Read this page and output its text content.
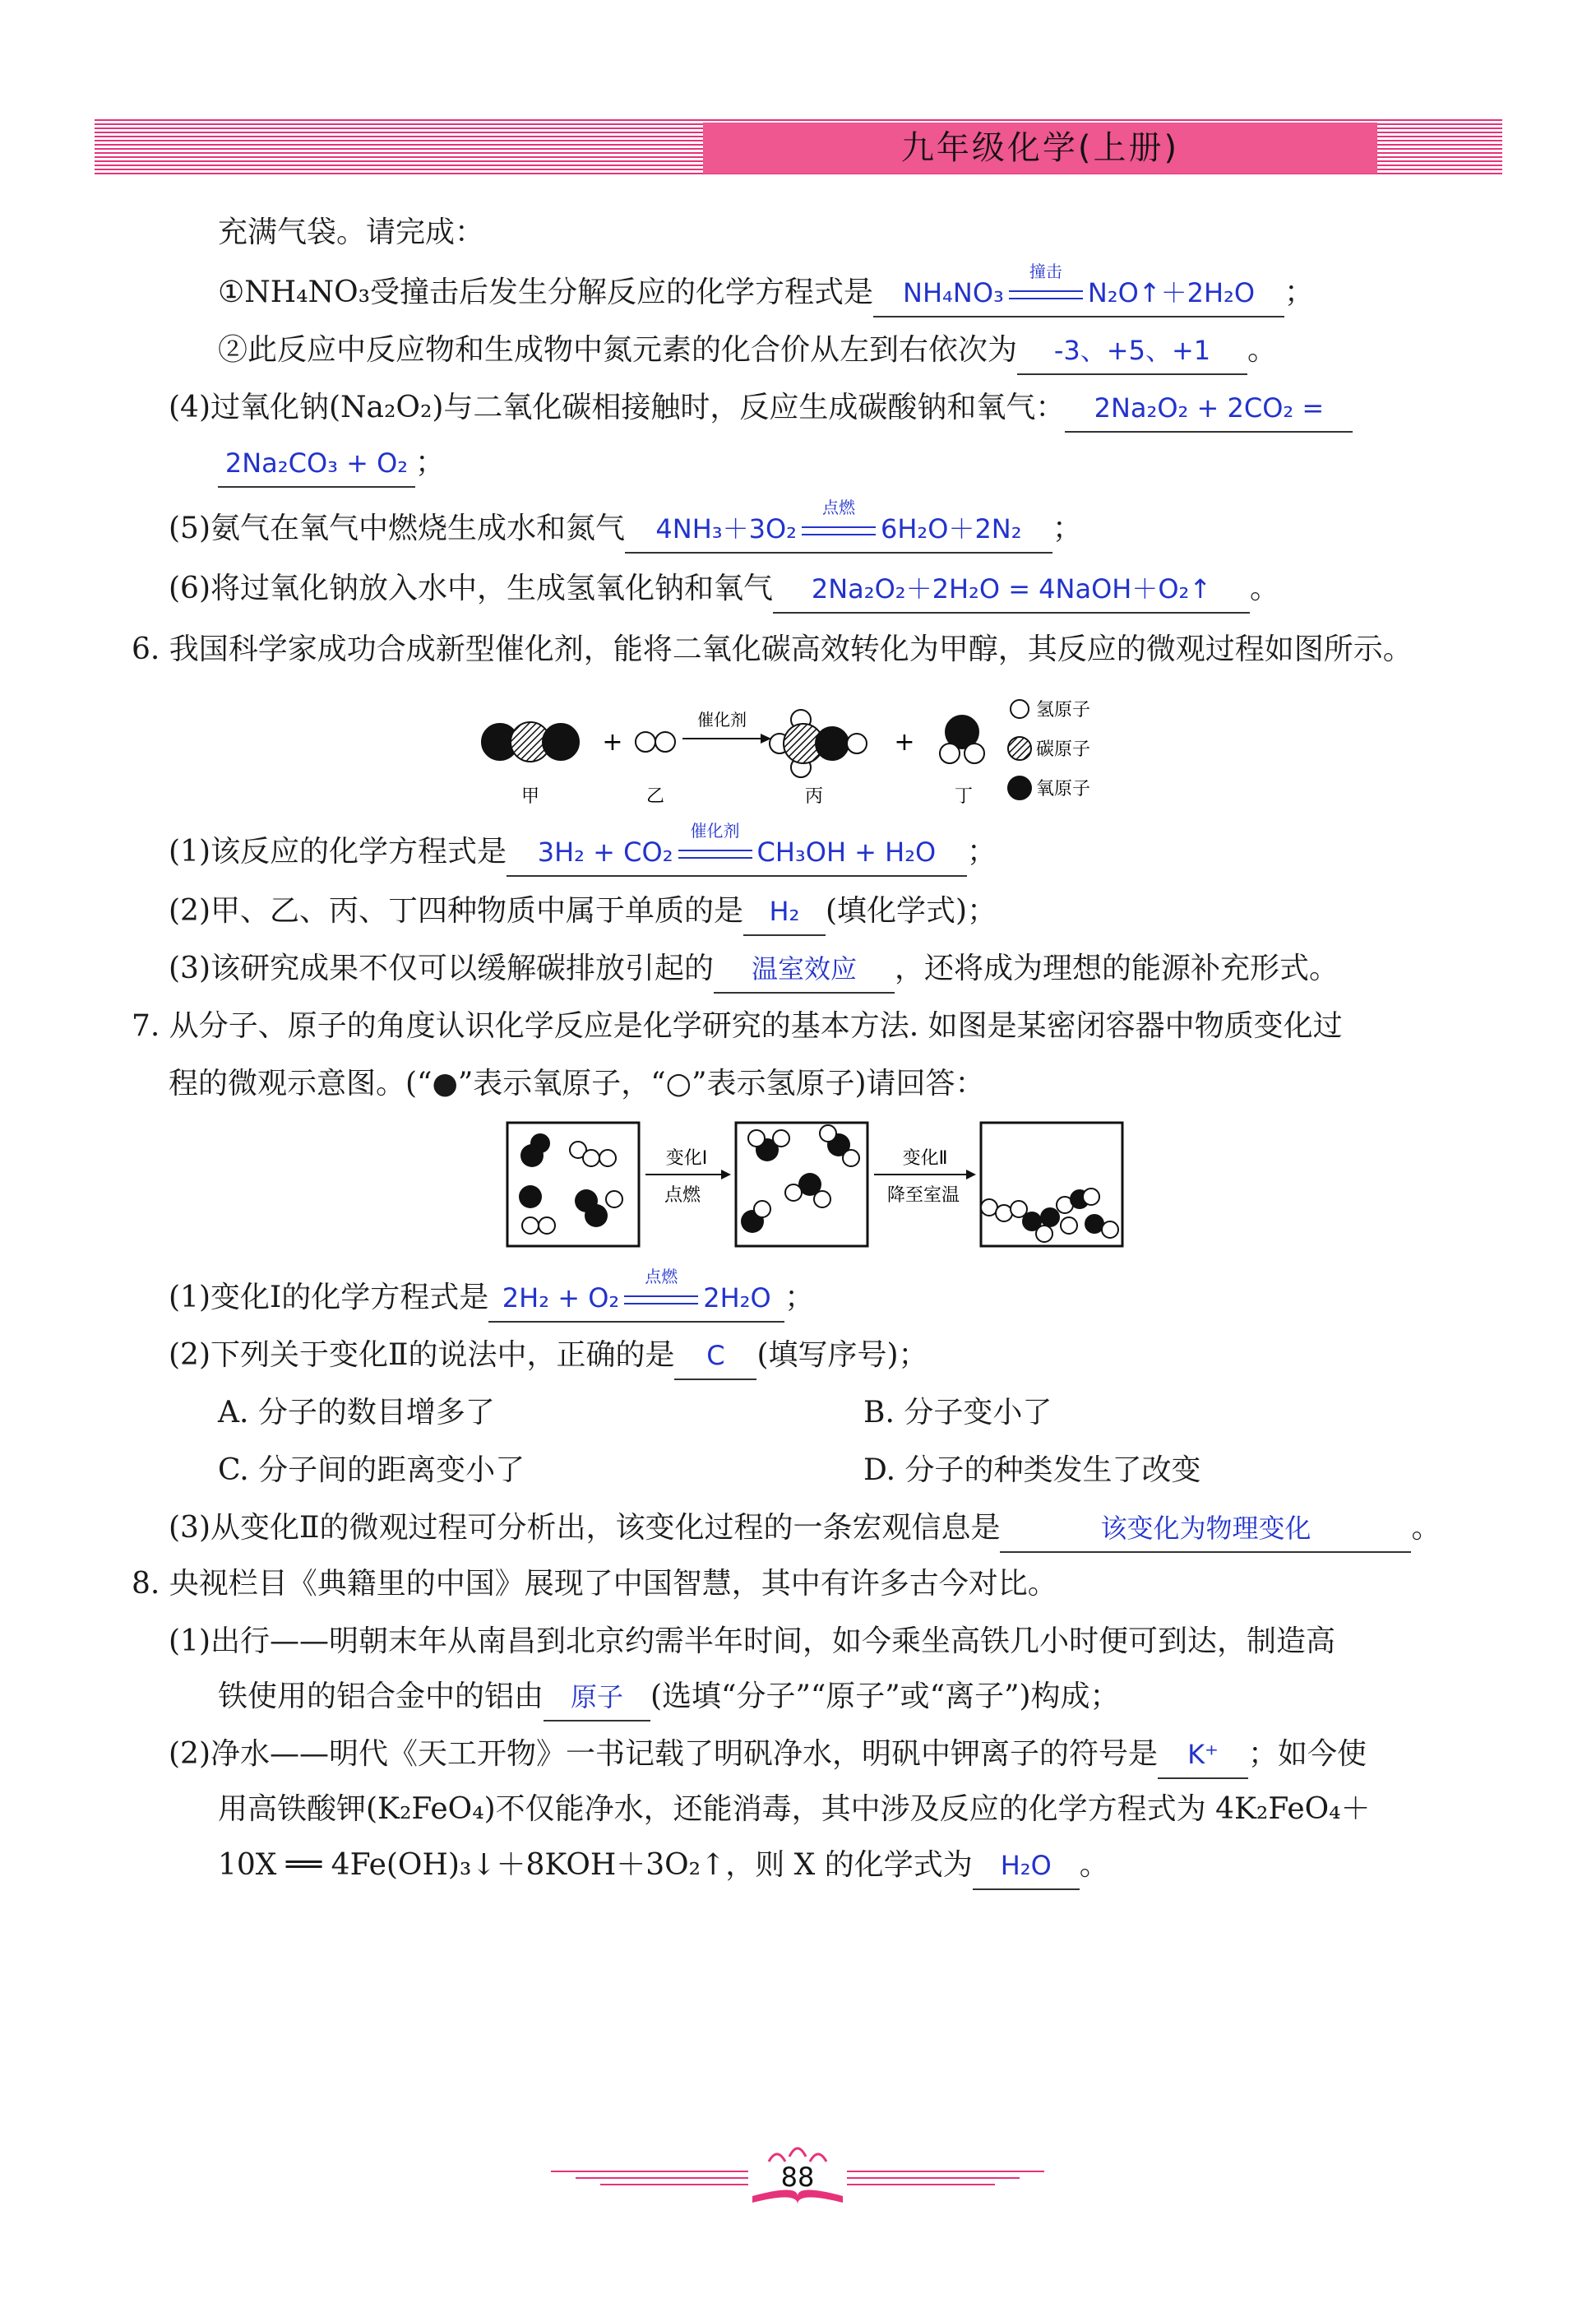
九年级化学(上册)
充满气袋。请完成：
①NH₄NO₃受撞击后发生分解反应的化学方程式是 NH₄NO₃
撞击
N₂O↑＋2H₂O ；
②此反应中反应物和生成物中氮元素的化合价从左到右依次为 -3、+5、+1 。
(4)过氧化钠(Na₂O₂)与二氧化碳相接触时，反应生成碳酸钠和氧气： 2Na₂O₂ + 2CO₂ =
2Na₂CO₃ + O₂ ；
(5)氨气在氧气中燃烧生成水和氮气 4NH₃＋3O₂
点燃
6H₂O＋2N₂ ；
(6)将过氧化钠放入水中，生成氢氧化钠和氧气 2Na₂O₂＋2H₂O = 4NaOH＋O₂↑ 。
6. 我国科学家成功合成新型催化剂，能将二氧化碳高效转化为甲醇，其反应的微观过程如图所示。
甲
+
乙
催化剂
丙
+
丁
氢原子
碳原子
氧原子
(1)该反应的化学方程式是 3H₂ + CO₂
催化剂
CH₃OH + H₂O ；
(2)甲、乙、丙、丁四种物质中属于单质的是 H₂ (填化学式)；
(3)该研究成果不仅可以缓解碳排放引起的 温室效应 ，还将成为理想的能源补充形式。
7. 从分子、原子的角度认识化学反应是化学研究的基本方法. 如图是某密闭容器中物质变化过
程的微观示意图。(“●”表示氧原子，“○”表示氢原子)请回答：
变化Ⅰ
点燃
变化Ⅱ
降至室温
(1)变化Ⅰ的化学方程式是 2H₂ + O₂
点燃
2H₂O ；
(2)下列关于变化Ⅱ的说法中，正确的是 C (填写序号)；
A. 分子的数目增多了	B. 分子变小了
C. 分子间的距离变小了	D. 分子的种类发生了改变
(3)从变化Ⅱ的微观过程可分析出，该变化过程的一条宏观信息是	该变化为物理变化	。
8. 央视栏目《典籍里的中国》展现了中国智慧，其中有许多古今对比。
(1)出行——明朝末年从南昌到北京约需半年时间，如今乘坐高铁几小时便可到达，制造高
铁使用的铝合金中的铝由 原子 (选填“分子”“原子”或“离子”)构成；
(2)净水——明代《天工开物》一书记载了明矾净水，明矾中钾离子的符号是 K⁺ ；如今使
用高铁酸钾(K₂FeO₄)不仅能净水，还能消毒，其中涉及反应的化学方程式为 4K₂FeO₄＋
10X ══ 4Fe(OH)₃↓＋8KOH＋3O₂↑，则 X 的化学式为 H₂O 。
88
